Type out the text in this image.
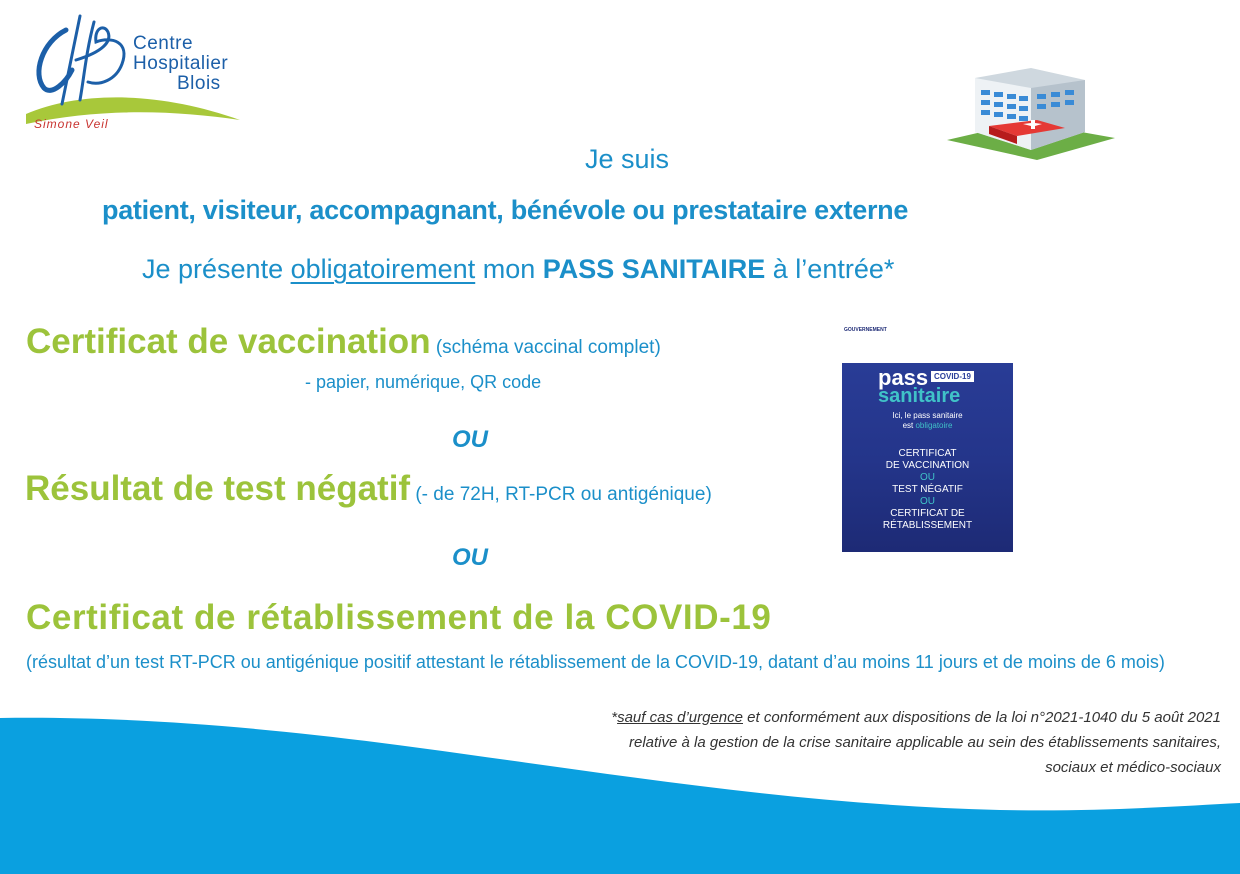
Centre
Hospitalier
Blois
Simone Veil
Je suis
patient, visiteur, accompagnant, bénévole ou prestataire externe
Je présente obligatoirement mon PASS SANITAIRE à l’entrée*
Certificat de vaccination (schéma vaccinal complet)
- papier, numérique, QR code
OU
Résultat de test négatif (- de 72H, RT-PCR ou antigénique)
OU
Certificat de rétablissement de la COVID-19
(résultat d’un test RT-PCR ou antigénique positif attestant le rétablissement de la COVID-19, datant d’au moins 11 jours et de moins de 6 mois)
GOUVERNEMENT
pass COVID-19
sanitaire
Ici, le pass sanitaire
est obligatoire
CERTIFICAT
DE VACCINATION
OU
TEST NÉGATIF
OU
CERTIFICAT DE
RÉTABLISSEMENT
*sauf cas d’urgence et conformément aux dispositions de la loi n°2021-1040 du 5 août 2021
relative à la gestion de la crise sanitaire applicable au sein des établissements sanitaires,
sociaux et médico-sociaux
